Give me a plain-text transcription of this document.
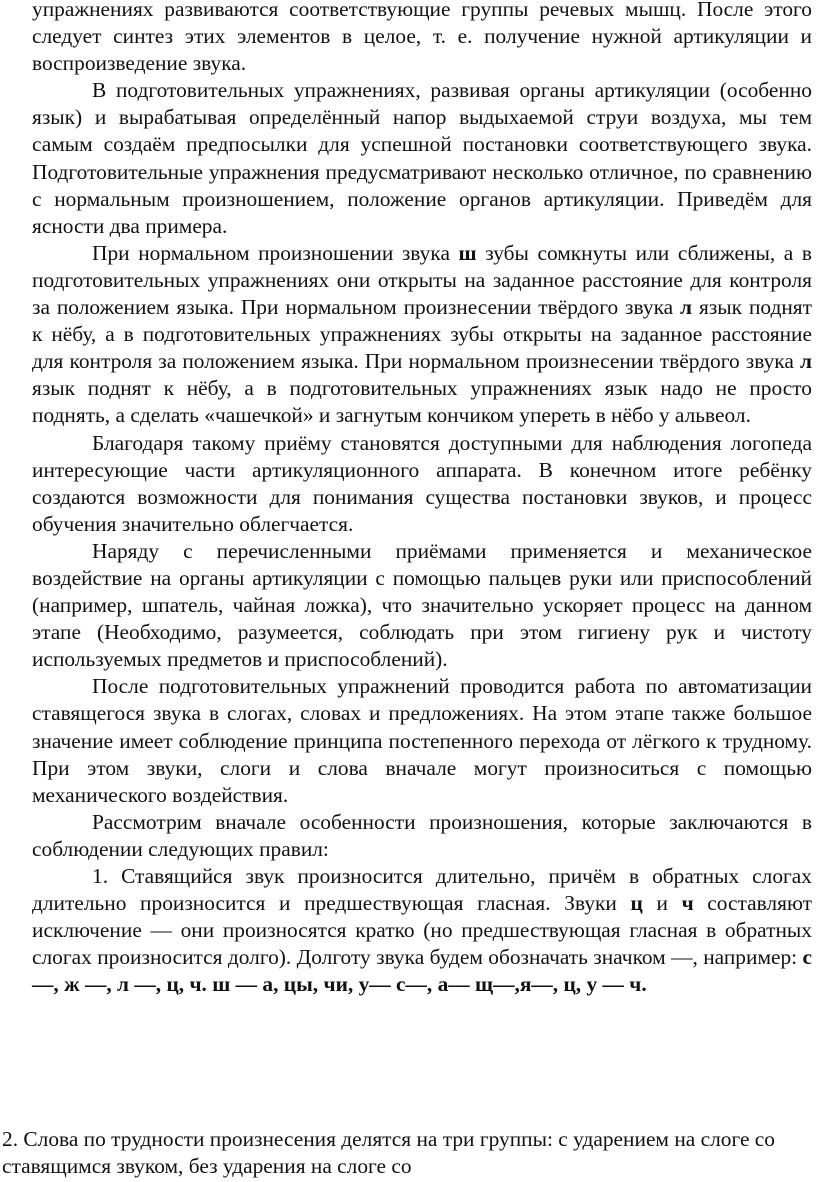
упражнениях развиваются соответствующие группы речевых мышц. После этого следует синтез этих элементов в целое, т. е. получение нужной артикуляции и воспроизведение звука.

В подготовительных упражнениях, развивая органы артикуляции (особенно язык) и вырабатывая определённый напор выдыхаемой струи воздуха, мы тем самым создаём предпосылки для успешной постановки соответствующего звука. Подготовительные упражнения предусматривают несколько отличное, по сравнению с нормальным произношением, положение органов артикуляции. Приведём для ясности два примера.

При нормальном произношении звука ш зубы сомкнуты или сближены, а в подготовительных упражнениях они открыты на заданное расстояние для контроля за положением языка. При нормальном произнесении твёрдого звука л язык поднят к нёбу, а в подготовительных упражнениях зубы открыты на заданное расстояние для контроля за положением языка. При нормальном произнесении твёрдого звука л язык поднят к нёбу, а в подготовительных упражнениях язык надо не просто поднять, а сделать «чашечкой» и загнутым кончиком упереть в нёбо у альвеол.

Благодаря такому приёму становятся доступными для наблюдения логопеда интересующие части артикуляционного аппарата. В конечном итоге ребёнку создаются возможности для понимания существа постановки звуков, и процесс обучения значительно облегчается.

Наряду с перечисленными приёмами применяется и механическое воздействие на органы артикуляции с помощью пальцев руки или приспособлений (например, шпатель, чайная ложка), что значительно ускоряет процесс на данном этапе (Необходимо, разумеется, соблюдать при этом гигиену рук и чистоту используемых предметов и приспособлений).

После подготовительных упражнений проводится работа по автоматизации ставящегося звука в слогах, словах и предложениях. На этом этапе также большое значение имеет соблюдение принципа постепенного перехода от лёгкого к трудному. При этом звуки, слоги и слова вначале могут произноситься с помощью механического воздействия.

Рассмотрим вначале особенности произношения, которые заключаются в соблюдении следующих правил:

1. Ставящийся звук произносится длительно, причём в обратных слогах длительно произносится и предшествующая гласная. Звуки ц и ч составляют исключение — они произносятся кратко (но предшествующая гласная в обратных слогах произносится долго). Долготу звука будем обозначать значком —, например: с —, ж —, л —, ц, ч. ш — а, цы, чи, у— с—, а— щ—,я—, ц, у — ч.

2. Слова по трудности произнесения делятся на три группы: с ударением на слоге со ставящимся звуком, без ударения на слоге со
